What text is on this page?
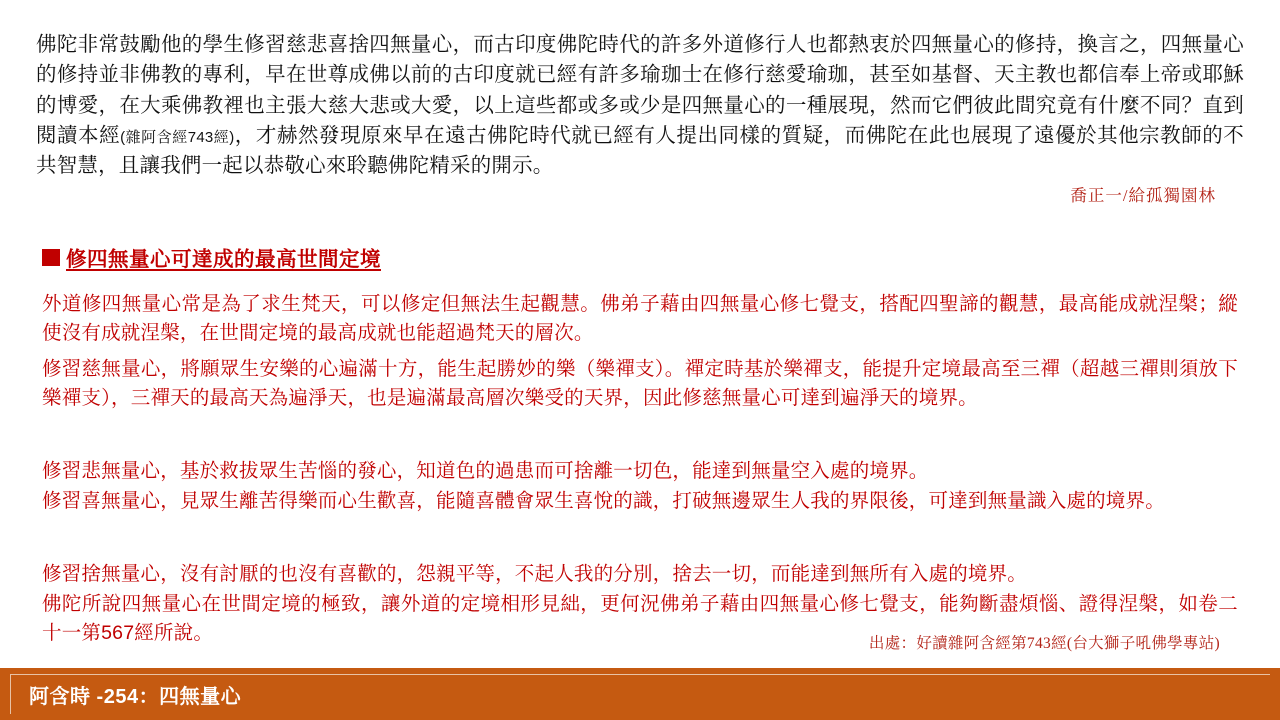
佛陀非常鼓勵他的學生修習慈悲喜捨四無量心，而古印度佛陀時代的許多外道修行人也都熱衷於四無量心的修持，換言之，四無量心的修持並非佛教的專利，早在世尊成佛以前的古印度就已經有許多瑜珈士在修行慈愛瑜珈，甚至如基督、天主教也都信奉上帝或耶穌的博愛，在大乘佛教裡也主張大慈大悲或大愛，以上這些都或多或少是四無量心的一種展現，然而它們彼此間究竟有什麼不同？直到閱讀本經(雜阿含經743經)，才赫然發現原來早在遠古佛陀時代就已經有人提出同樣的質疑，而佛陀在此也展現了遠優於其他宗教師的不共智慧，且讓我們一起以恭敬心來聆聽佛陀精采的開示。
喬正一/給孤獨園林
修四無量心可達成的最高世間定境
外道修四無量心常是為了求生梵天，可以修定但無法生起觀慧。佛弟子藉由四無量心修七覺支，搭配四聖諦的觀慧，最高能成就涅槃；縱使沒有成就涅槃，在世間定境的最高成就也能超過梵天的層次。
修習慈無量心，將願眾生安樂的心遍滿十方，能生起勝妙的樂（樂禪支）。禪定時基於樂禪支，能提升定境最高至三禪（超越三禪則須放下樂禪支），三禪天的最高天為遍淨天，也是遍滿最高層次樂受的天界，因此修慈無量心可達到遍淨天的境界。
修習悲無量心，基於救拔眾生苦惱的發心，知道色的過患而可捨離一切色，能達到無量空入處的境界。
修習喜無量心，見眾生離苦得樂而心生歡喜，能隨喜體會眾生喜悅的識，打破無邊眾生人我的界限後，可達到無量識入處的境界。
修習捨無量心，沒有討厭的也沒有喜歡的，怨親平等，不起人我的分別，捨去一切，而能達到無所有入處的境界。
佛陀所說四無量心在世間定境的極致，讓外道的定境相形見絀，更何況佛弟子藉由四無量心修七覺支，能夠斷盡煩惱、證得涅槃，如卷二十一第567經所說。	出處：好讀雜阿含經第743經(台大獅子吼佛學專站)
阿含時 -254：四無量心
